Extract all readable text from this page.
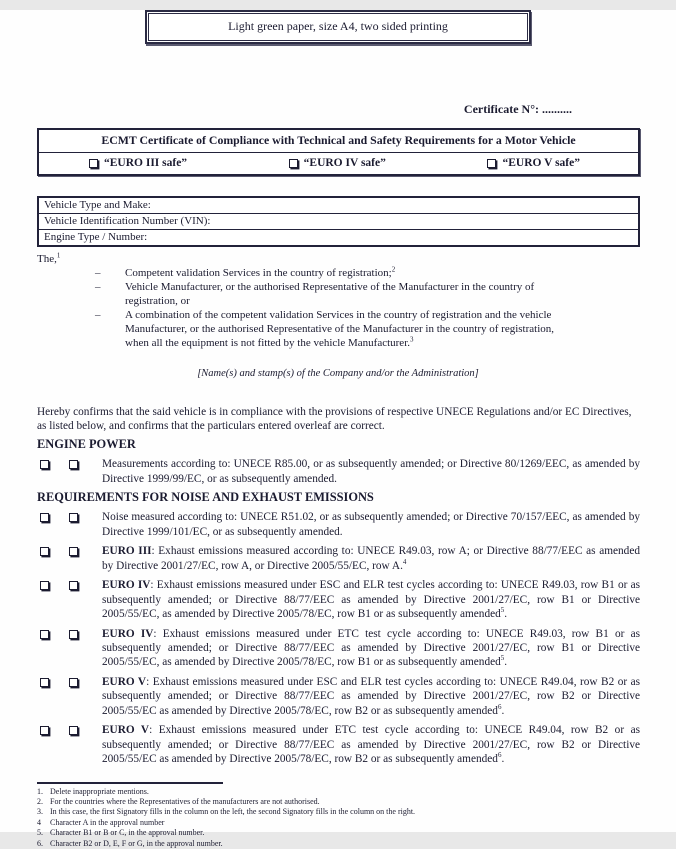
Light green paper, size A4, two sided printing
Certificate N°: ..........
ECMT Certificate of Compliance with Technical and Safety Requirements for a Motor Vehicle
“EURO III safe”	“EURO IV safe”	“EURO V safe”
Vehicle Type and Make:
Vehicle Identification Number (VIN):
Engine Type / Number:
The,$^1$
–	Competent validation Services in the country of registration;$^2$
–	Vehicle Manufacturer, or the authorised Representative of the Manufacturer in the country of registration, or
–	A combination of the competent validation Services in the country of registration and the vehicle Manufacturer, or the authorised Representative of the Manufacturer in the country of registration, when all the equipment is not fitted by the vehicle Manufacturer.$^3$
[Name(s) and stamp(s) of the Company and/or the Administration]

Hereby confirms that the said vehicle is in compliance with the provisions of respective UNECE Regulations and/or EC Directives, as listed below, and confirms that the particulars entered overleaf are correct.

ENGINE POWER
Measurements according to: UNECE R85.00, or as subsequently amended; or Directive 80/1269/EEC, as amended by Directive 1999/99/EC, or as subsequently amended.
REQUIREMENTS FOR NOISE AND EXHAUST EMISSIONS
Noise measured according to: UNECE R51.02, or as subsequently amended; or Directive 70/157/EEC, as amended by Directive 1999/101/EC, or as subsequently amended.
EURO III: Exhaust emissions measured according to: UNECE R49.03, row A; or Directive 88/77/EEC as amended by Directive 2001/27/EC, row A, or Directive 2005/55/EC, row A.$^4$
EURO IV: Exhaust emissions measured under ESC and ELR test cycles according to: UNECE R49.03, row B1 or as subsequently amended; or Directive 88/77/EEC as amended by Directive 2001/27/EC, row B1 or Directive 2005/55/EC, as amended by Directive 2005/78/EC, row B1 or as subsequently amended$^5$.
EURO IV: Exhaust emissions measured under ETC test cycle according to: UNECE R49.03, row B1 or as subsequently amended; or Directive 88/77/EEC as amended by Directive 2001/27/EC, row B1 or Directive 2005/55/EC, as amended by Directive 2005/78/EC, row B1 or as subsequently amended$^5$.
EURO V: Exhaust emissions measured under ESC and ELR test cycles according to: UNECE R49.04, row B2 or as subsequently amended; or Directive 88/77/EEC as amended by Directive 2001/27/EC, row B2 or Directive 2005/55/EC as amended by Directive 2005/78/EC, row B2 or as subsequently amended$^6$.
EURO V: Exhaust emissions measured under ETC test cycle according to: UNECE R49.04, row B2 or as subsequently amended; or Directive 88/77/EEC as amended by Directive 2001/27/EC, row B2 or Directive 2005/55/EC as amended by Directive 2005/78/EC, row B2 or as subsequently amended$^6$.
1. Delete inappropriate mentions.
2. For the countries where the Representatives of the manufacturers are not authorised.
3. In this case, the first Signatory fills in the column on the left, the second Signatory fills in the column on the right.
4	Character A in the approval number
5. Character B1 or B or C, in the approval number.
6. Character B2 or D, E, F or G, in the approval number.
